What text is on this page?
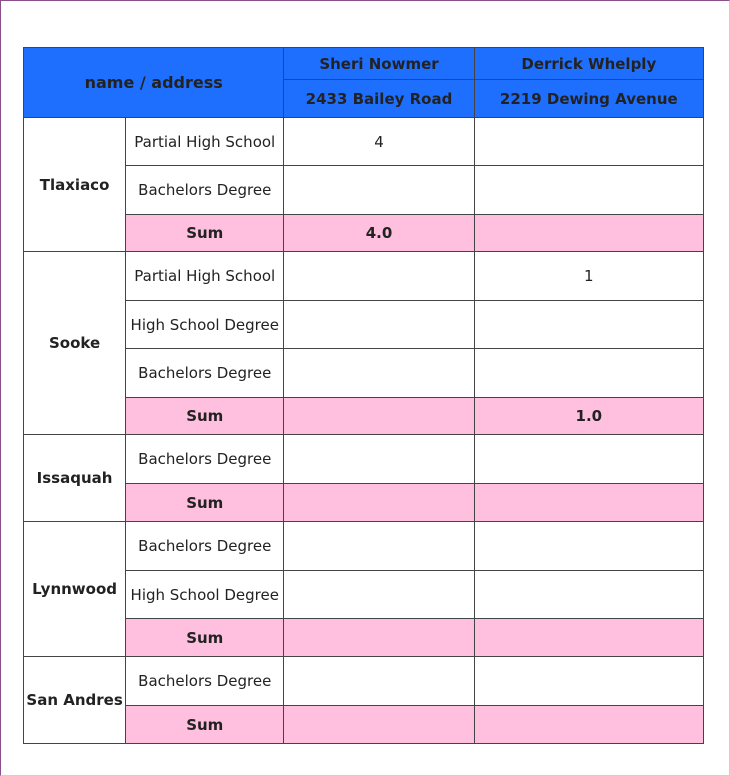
name / address		Sheri Nowmer	Derrick Whelply
		2433 Bailey Road	2219 Dewing Avenue
Tlaxiaco	Partial High School	4	
	Bachelors Degree		
	Sum	4.0	
Sooke	Partial High School		1
	High School Degree		
	Bachelors Degree		
	Sum		1.0
Issaquah	Bachelors Degree		
	Sum		
Lynnwood	Bachelors Degree		
	High School Degree		
	Sum		
San Andres	Bachelors Degree		
	Sum		
